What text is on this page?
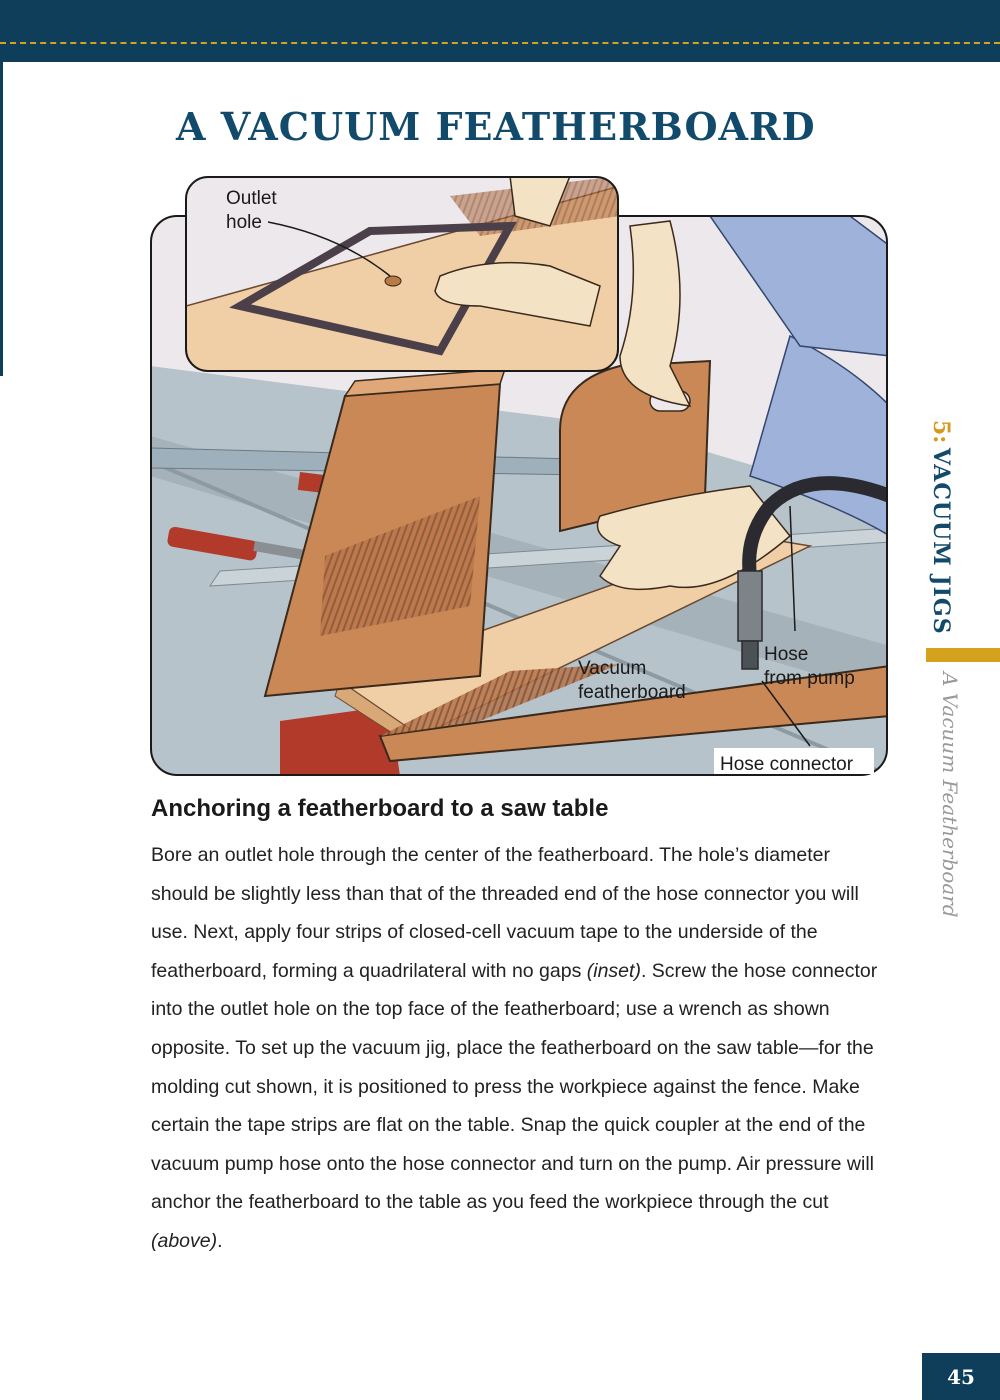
A VACUUM FEATHERBOARD
Outlet
hole
Vacuum
featherboard
Hose
from pump
Hose connector
Anchoring a featherboard to a saw table

Bore an outlet hole through the center of the featherboard. The hole’s diameter should be slightly less than that of the threaded end of the hose connector you will use. Next, apply four strips of closed-cell vacuum tape to the underside of the featherboard, forming a quadrilateral with no gaps (inset). Screw the hose connector into the outlet hole on the top face of the featherboard; use a wrench as shown opposite. To set up the vacuum jig, place the featherboard on the saw table—for the molding cut shown, it is positioned to press the workpiece against the fence. Make certain the tape strips are flat on the table. Snap the quick coupler at the end of the vacuum pump hose onto the hose connector and turn on the pump. Air pressure will anchor the featherboard to the table as you feed the workpiece through the cut (above).

5: VACUUM JIGS
A Vacuum Featherboard
45
